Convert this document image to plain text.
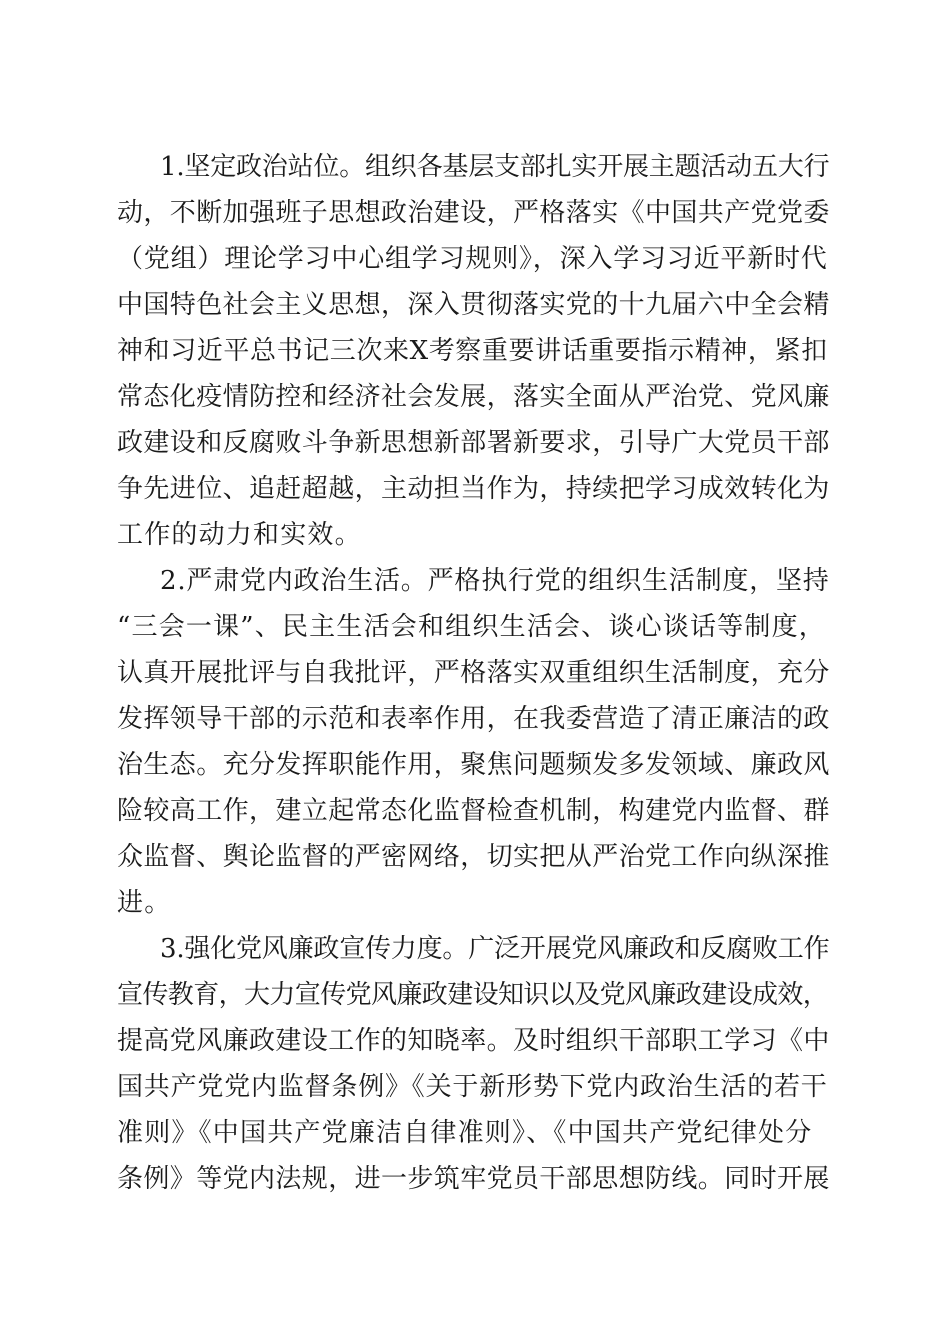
1.坚定政治站位。组织各基层支部扎实开展主题活动五大行
动，不断加强班子思想政治建设，严格落实《中国共产党党委
（党组）理论学习中心组学习规则》，深入学习习近平新时代
中国特色社会主义思想，深入贯彻落实党的十九届六中全会精
神和习近平总书记三次来X考察重要讲话重要指示精神，紧扣
常态化疫情防控和经济社会发展，落实全面从严治党、党风廉
政建设和反腐败斗争新思想新部署新要求，引导广大党员干部
争先进位、追赶超越，主动担当作为，持续把学习成效转化为
工作的动力和实效。
2.严肃党内政治生活。严格执行党的组织生活制度，坚持
“三会一课”、民主生活会和组织生活会、谈心谈话等制度，
认真开展批评与自我批评，严格落实双重组织生活制度，充分
发挥领导干部的示范和表率作用，在我委营造了清正廉洁的政
治生态。充分发挥职能作用，聚焦问题频发多发领域、廉政风
险较高工作，建立起常态化监督检查机制，构建党内监督、群
众监督、舆论监督的严密网络，切实把从严治党工作向纵深推
进。
3.强化党风廉政宣传力度。广泛开展党风廉政和反腐败工作
宣传教育，大力宣传党风廉政建设知识以及党风廉政建设成效，
提高党风廉政建设工作的知晓率。及时组织干部职工学习《中
国共产党党内监督条例》《关于新形势下党内政治生活的若干
准则》《中国共产党廉洁自律准则》、《中国共产党纪律处分
条例》等党内法规，进一步筑牢党员干部思想防线。同时开展
